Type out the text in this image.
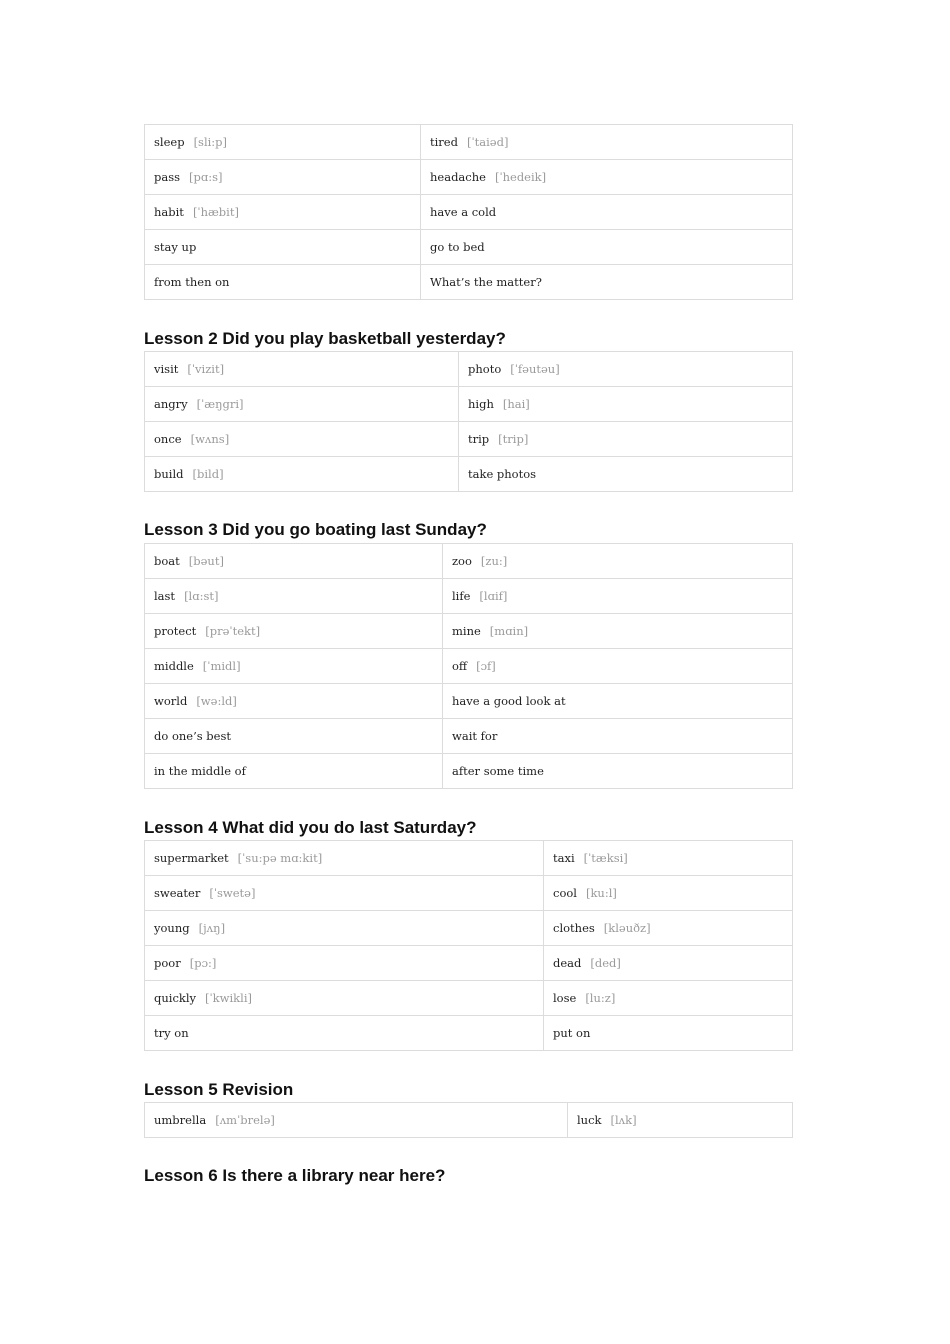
sleep [sli:p]	tired [ˈtaiəd]
pass [pɑ:s]	headache [ˈhedeik]
habit [ˈhæbit]	have a cold
stay up	go to bed
from then on	What’s the matter?
Lesson 2 Did you play basketball yesterday?
visit [ˈvizit]	photo [ˈfəutəu]
angry [ˈæŋgri]	high [hai]
once [wʌns]	trip [trip]
build [bild]	take photos
Lesson 3 Did you go boating last Sunday?
boat [bəut]	zoo [zu:]
last [lɑ:st]	life [lɑif]
protect [prəˈtekt]	mine [mɑin]
middle [ˈmidl]	off [ɔf]
world [wə:ld]	have a good look at
do one’s best	wait for
in the middle of	after some time
Lesson 4 What did you do last Saturday?
supermarket [ˈsu:pə mɑ:kit]	taxi [ˈtæksi]
sweater [ˈswetə]	cool [ku:l]
young [jʌŋ]	clothes [kləuðz]
poor [pɔ:]	dead [ded]
quickly [ˈkwikli]	lose [lu:z]
try on	put on
Lesson 5 Revision
umbrella [ʌmˈbrelə]	luck [lʌk]
Lesson 6 Is there a library near here?
